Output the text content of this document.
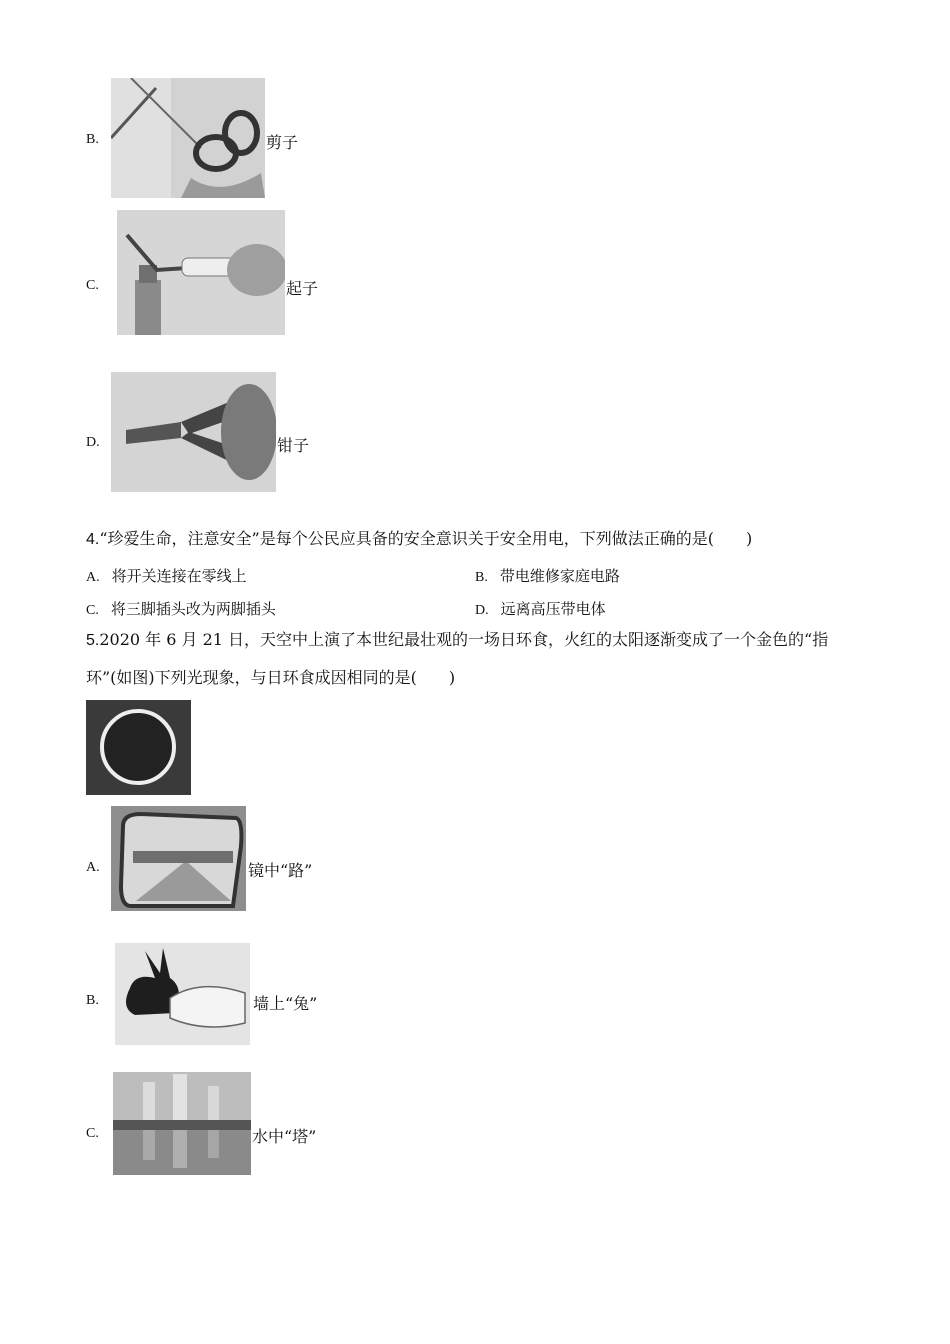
B.	剪子
C.	起子
D.	钳子
4.“珍爱生命，注意安全”是每个公民应具备的安全意识关于安全用电，下列做法正确的是(　　)
A. 将开关连接在零线上	B. 带电维修家庭电路
C. 将三脚插头改为两脚插头	D. 远离高压带电体
5.2020 年 6 月 21 日，天空中上演了本世纪最壮观的一场日环食，火红的太阳逐渐变成了一个金色的“指
环”(如图)下列光现象，与日环食成因相同的是(　　)
A.	镜中“路”
B.	墙上“兔”
C.	水中“塔”
